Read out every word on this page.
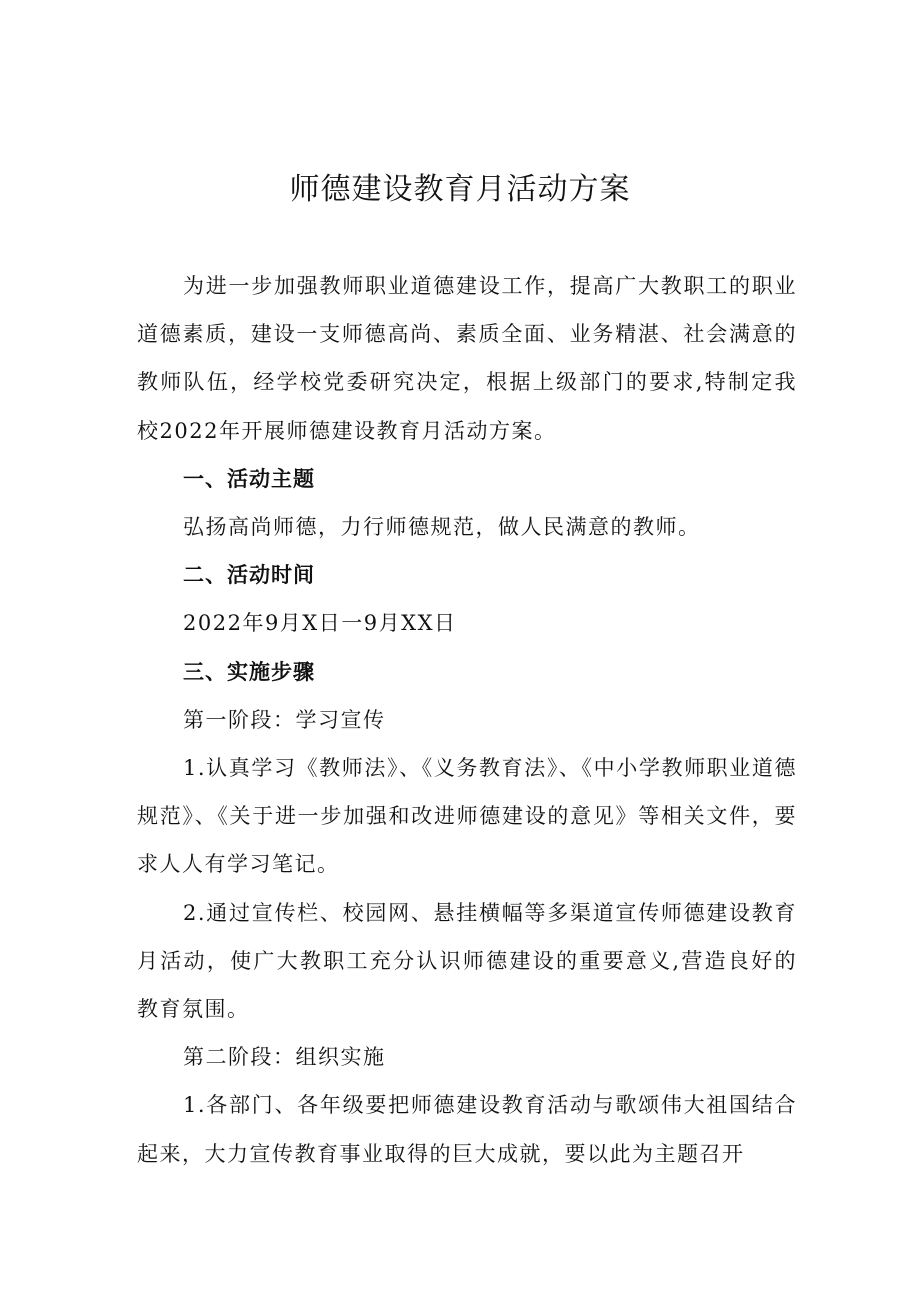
师德建设教育月活动方案

为进一步加强教师职业道德建设工作，提高广大教职工的职业道德素质，建设一支师德高尚、素质全面、业务精湛、社会满意的教师队伍，经学校党委研究决定，根据上级部门的要求,特制定我校2022年开展师德建设教育月活动方案。

一、活动主题

弘扬高尚师德，力行师德规范，做人民满意的教师。

二、活动时间

2022年9月X日一9月XX日

三、实施步骤

第一阶段：学习宣传

1.认真学习《教师法》、《义务教育法》、《中小学教师职业道德规范》、《关于进一步加强和改进师德建设的意见》等相关文件，要求人人有学习笔记。

2.通过宣传栏、校园网、悬挂横幅等多渠道宣传师德建设教育月活动，使广大教职工充分认识师德建设的重要意义,营造良好的教育氛围。

第二阶段：组织实施

1.各部门、各年级要把师德建设教育活动与歌颂伟大祖国结合起来，大力宣传教育事业取得的巨大成就，要以此为主题召开
